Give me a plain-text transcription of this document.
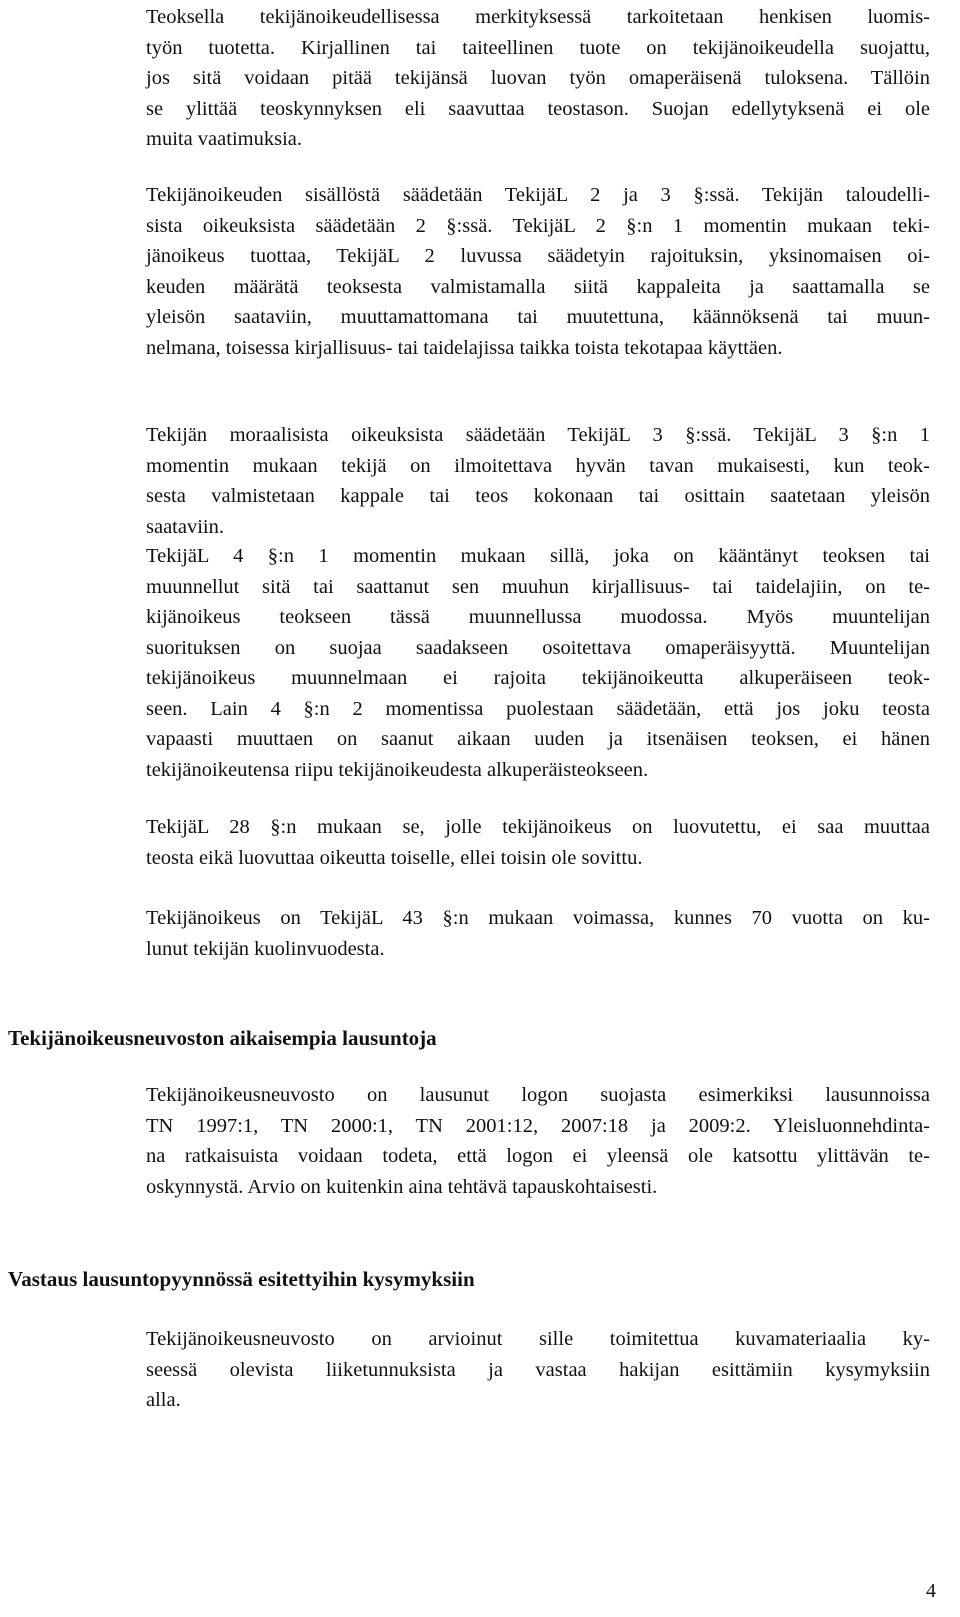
Teoksella tekijänoikeudellisessa merkityksessä tarkoitetaan henkisen luomis-
työn tuotetta. Kirjallinen tai taiteellinen tuote on tekijänoikeudella suojattu,
jos sitä voidaan pitää tekijänsä luovan työn omaperäisenä tuloksena. Tällöin
se ylittää teoskynnyksen eli saavuttaa teostason. Suojan edellytyksenä ei ole
muita vaatimuksia.
Tekijänoikeuden sisällöstä säädetään TekijäL 2 ja 3 §:ssä. Tekijän taloudelli-
sista oikeuksista säädetään 2 §:ssä. TekijäL 2 §:n 1 momentin mukaan teki-
jänoikeus tuottaa, TekijäL 2 luvussa säädetyin rajoituksin, yksinomaisen oi-
keuden määrätä teoksesta valmistamalla siitä kappaleita ja saattamalla se
yleisön saataviin, muuttamattomana tai muutettuna, käännöksenä tai muun-
nelmana, toisessa kirjallisuus- tai taidelajissa taikka toista tekotapaa käyttäen.
Tekijän moraalisista oikeuksista säädetään TekijäL 3 §:ssä. TekijäL 3 §:n 1
momentin mukaan tekijä on ilmoitettava hyvän tavan mukaisesti, kun teok-
sesta valmistetaan kappale tai teos kokonaan tai osittain saatetaan yleisön
saataviin.
TekijäL 4 §:n 1 momentin mukaan sillä, joka on kääntänyt teoksen tai
muunnellut sitä tai saattanut sen muuhun kirjallisuus- tai taidelajiin, on te-
kijänoikeus teokseen tässä muunnellussa muodossa. Myös muuntelijan
suorituksen on suojaa saadakseen osoitettava omaperäisyyttä. Muuntelijan
tekijänoikeus muunnelmaan ei rajoita tekijänoikeutta alkuperäiseen teok-
seen. Lain 4 §:n 2 momentissa puolestaan säädetään, että jos joku teosta
vapaasti muuttaen on saanut aikaan uuden ja itsenäisen teoksen, ei hänen
tekijänoikeutensa riipu tekijänoikeudesta alkuperäisteokseen.
TekijäL 28 §:n mukaan se, jolle tekijänoikeus on luovutettu, ei saa muuttaa
teosta eikä luovuttaa oikeutta toiselle, ellei toisin ole sovittu.
Tekijänoikeus on TekijäL 43 §:n mukaan voimassa, kunnes 70 vuotta on ku-
lunut tekijän kuolinvuodesta.
Tekijänoikeusneuvoston aikaisempia lausuntoja
Tekijänoikeusneuvosto on lausunut logon suojasta esimerkiksi lausunnoissa
TN 1997:1, TN 2000:1, TN 2001:12, 2007:18 ja 2009:2. Yleisluonnehdinta-
na ratkaisuista voidaan todeta, että logon ei yleensä ole katsottu ylittävän te-
oskynnystä. Arvio on kuitenkin aina tehtävä tapauskohtaisesti.
Vastaus lausuntopyynnössä esitettyihin kysymyksiin
Tekijänoikeusneuvosto on arvioinut sille toimitettua kuvamateriaalia ky-
seessä olevista liiketunnuksista ja vastaa hakijan esittämiin kysymyksiin
alla.
4
